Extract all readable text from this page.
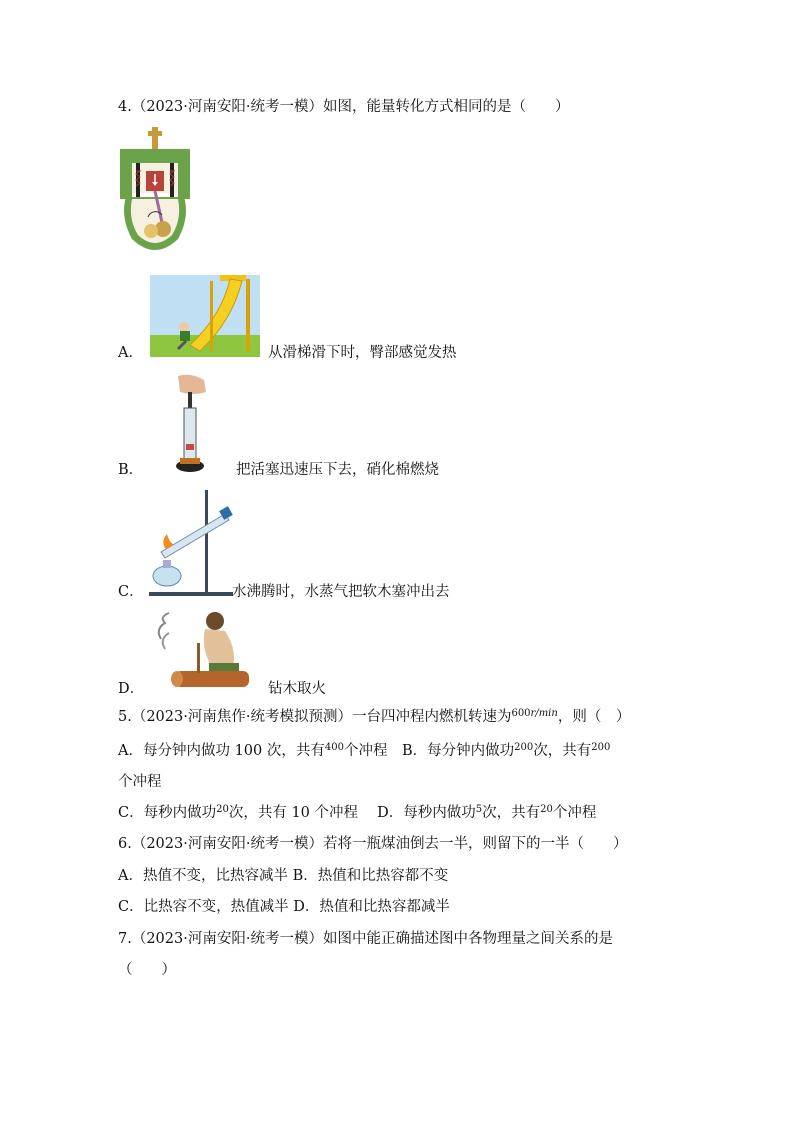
4.（2023·河南安阳·统考一模）如图，能量转化方式相同的是（　　）
A．	从滑梯滑下时，臀部感觉发热
B．	把活塞迅速压下去，硝化棉燃烧
C．	水沸腾时，水蒸气把软木塞冲出去
D．	钻木取火
5.（2023·河南焦作·统考模拟预测）一台四冲程内燃机转速为$^{600r/min}$，则（　）
A．每分钟内做功 100 次，共有$^{400}$个冲程　B．每分钟内做功$^{200}$次，共有$^{200}$
个冲程
C．每秒内做功$^{20}$次，共有 10 个冲程　 D．每秒内做功$^5$次，共有$^{20}$个冲程
6.（2023·河南安阳·统考一模）若将一瓶煤油倒去一半，则留下的一半（　　）
A．热值不变，比热容减半 B．热值和比热容都不变
C．比热容不变，热值减半 D．热值和比热容都减半
7.（2023·河南安阳·统考一模）如图中能正确描述图中各物理量之间关系的是
（　　）
